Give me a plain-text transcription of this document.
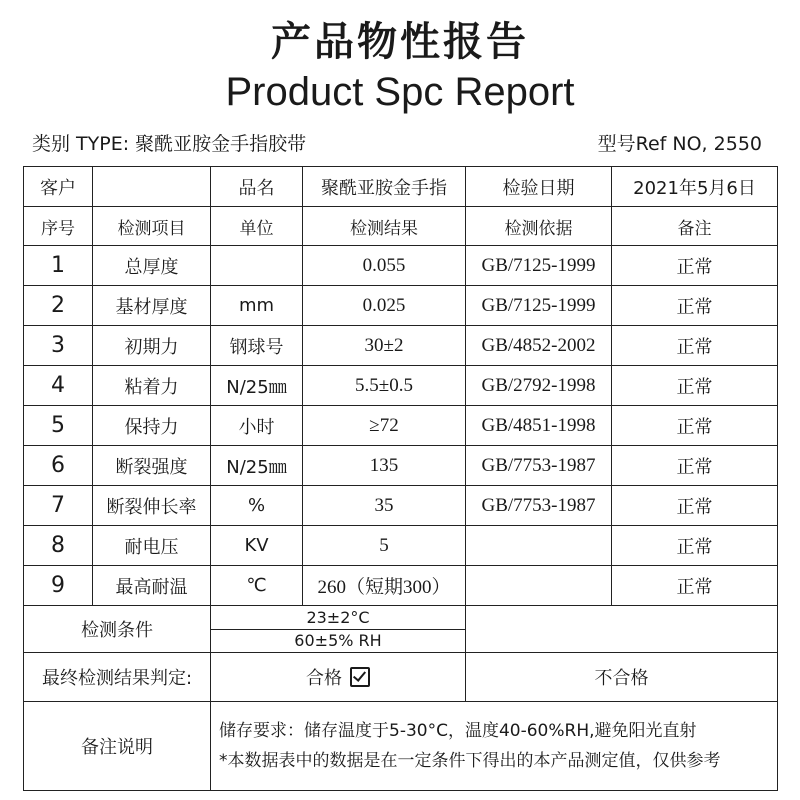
产品物性报告
Product Spc Report
类别 TYPE: 聚酰亚胺金手指胶带	型号Ref NO, 2550
客户		品名	聚酰亚胺金手指	检验日期	2021年5月6日
序号	检测项目	单位	检测结果	检测依据	备注
1	总厚度		0.055	GB/7125-1999	正常
2	基材厚度	mm	0.025	GB/7125-1999	正常
3	初期力	钢球号	30±2	GB/4852-2002	正常
4	粘着力	N/25㎜	5.5±0.5	GB/2792-1998	正常
5	保持力	小时	≥72	GB/4851-1998	正常
6	断裂强度	N/25㎜	135	GB/7753-1987	正常
7	断裂伸长率	%	35	GB/7753-1987	正常
8	耐电压	KV	5		正常
9	最高耐温	℃	260（短期300）		正常
检测条件		23±2°C
60±5% RH			

最终检测结果判定:		合格		不合格	
备注说明		储存要求：储存温度于5-30°C，温度40-60%RH,避免阳光直射
*本数据表中的数据是在一定条件下得出的本产品测定值，仅供参考			
